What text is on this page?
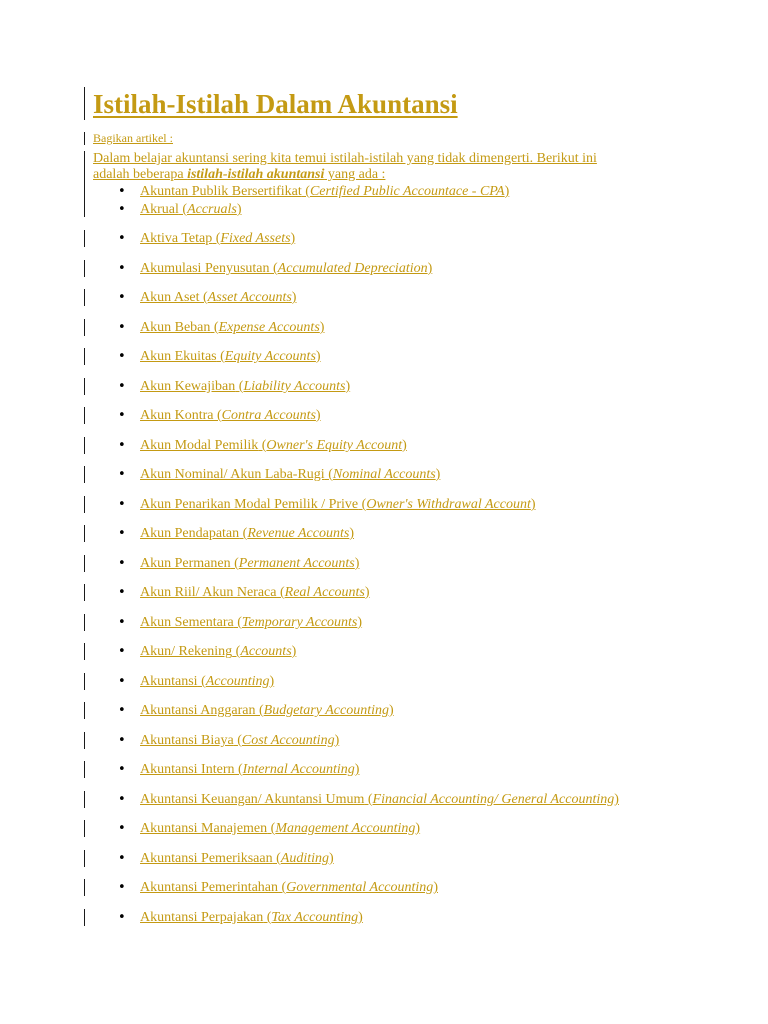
Istilah-Istilah Dalam Akuntansi
Bagikan artikel :
Dalam belajar akuntansi sering kita temui istilah-istilah yang tidak dimengerti. Berikut ini
adalah beberapa istilah-istilah akuntansi yang ada :
• Akuntan Publik Bersertifikat (Certified Public Accountace - CPA)
• Akrual (Accruals)
• Aktiva Tetap (Fixed Assets)
• Akumulasi Penyusutan (Accumulated Depreciation)
• Akun Aset (Asset Accounts)
• Akun Beban (Expense Accounts)
• Akun Ekuitas (Equity Accounts)
• Akun Kewajiban (Liability Accounts)
• Akun Kontra (Contra Accounts)
• Akun Modal Pemilik (Owner's Equity Account)
• Akun Nominal/ Akun Laba-Rugi (Nominal Accounts)
• Akun Penarikan Modal Pemilik / Prive (Owner's Withdrawal Account)
• Akun Pendapatan (Revenue Accounts)
• Akun Permanen (Permanent Accounts)
• Akun Riil/ Akun Neraca (Real Accounts)
• Akun Sementara (Temporary Accounts)
• Akun/ Rekening (Accounts)
• Akuntansi (Accounting)
• Akuntansi Anggaran (Budgetary Accounting)
• Akuntansi Biaya (Cost Accounting)
• Akuntansi Intern (Internal Accounting)
• Akuntansi Keuangan/ Akuntansi Umum (Financial Accounting/ General Accounting)
• Akuntansi Manajemen (Management Accounting)
• Akuntansi Pemeriksaan (Auditing)
• Akuntansi Pemerintahan (Governmental Accounting)
• Akuntansi Perpajakan (Tax Accounting)
